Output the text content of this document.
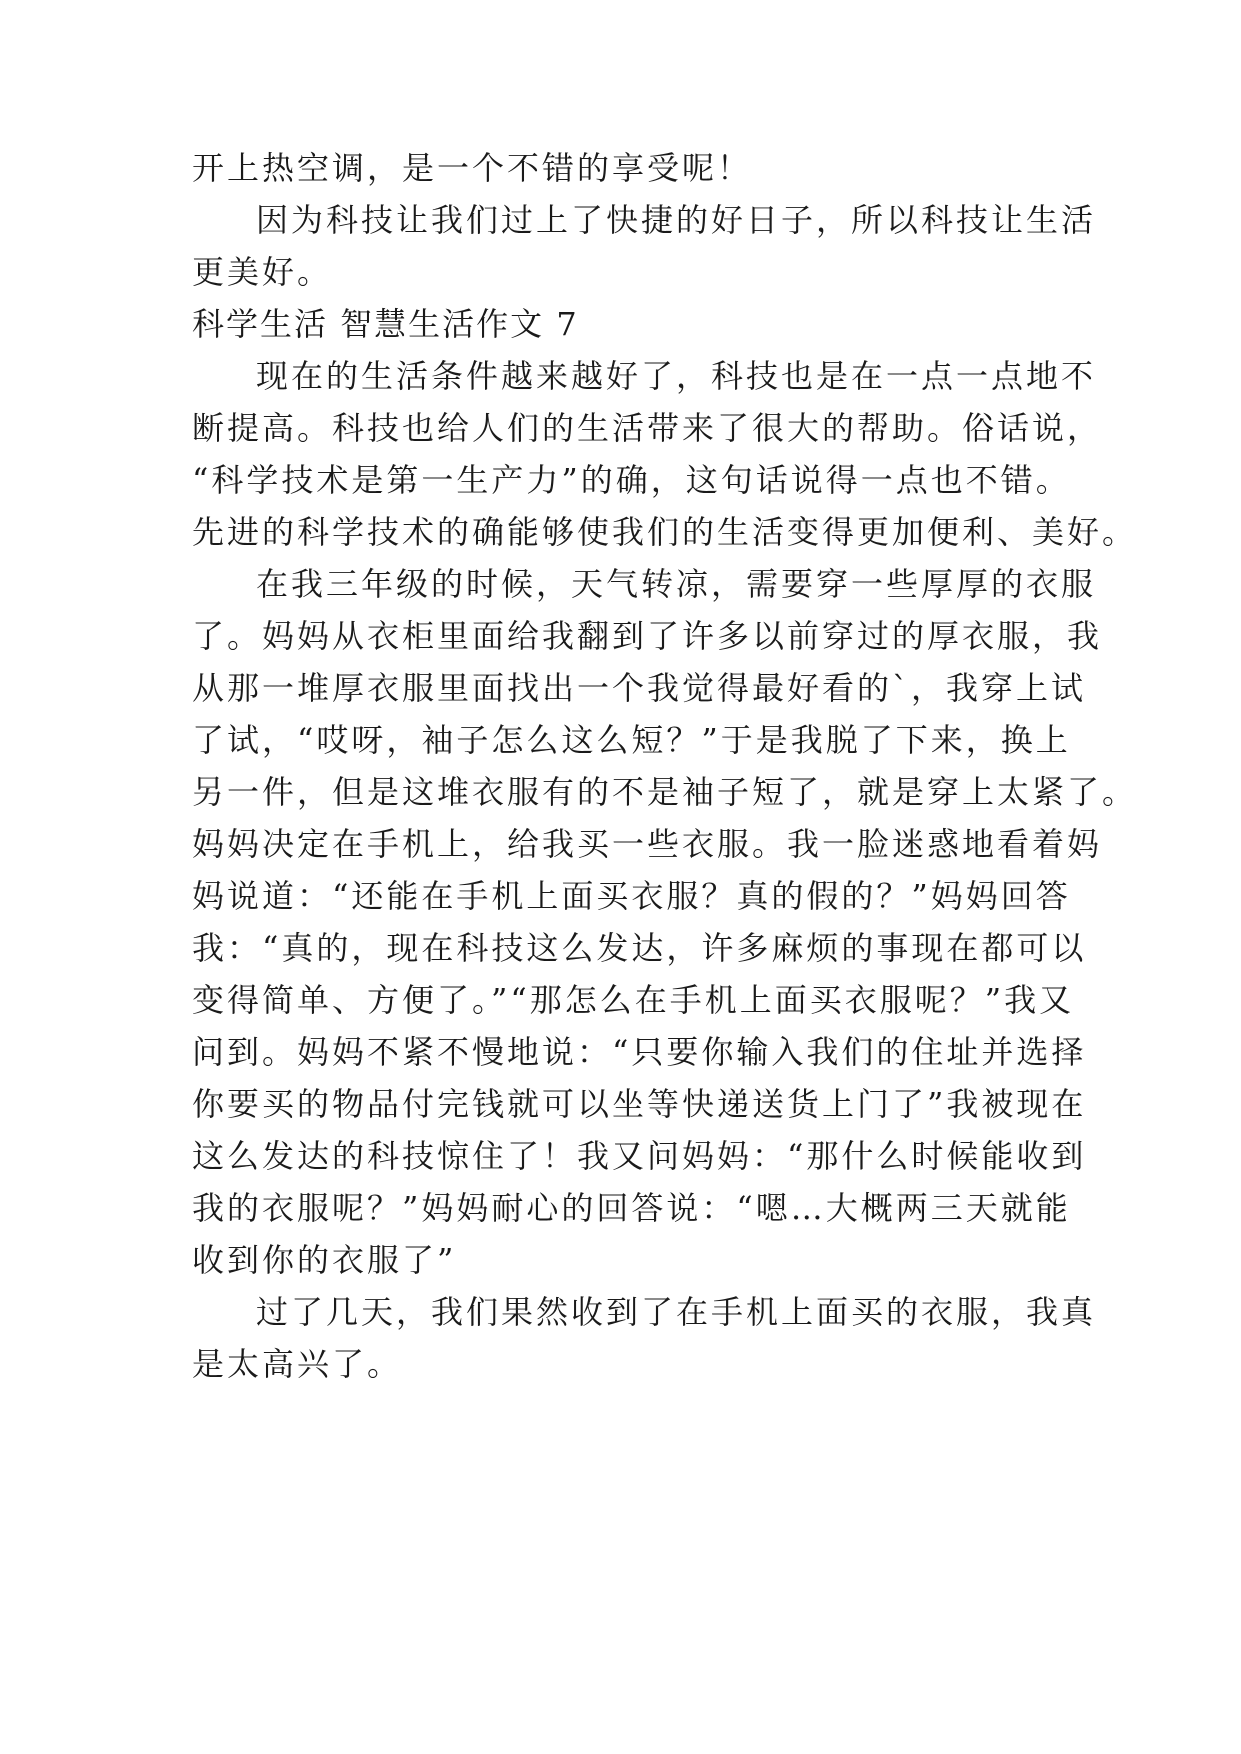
开上热空调，是一个不错的享受呢！
因为科技让我们过上了快捷的好日子，所以科技让生活
更美好。
科学生活 智慧生活作文 7
现在的生活条件越来越好了，科技也是在一点一点地不
断提高。科技也给人们的生活带来了很大的帮助。俗话说，
“科学技术是第一生产力”的确，这句话说得一点也不错。
先进的科学技术的确能够使我们的生活变得更加便利、美好。
在我三年级的时候，天气转凉，需要穿一些厚厚的衣服
了。妈妈从衣柜里面给我翻到了许多以前穿过的厚衣服，我
从那一堆厚衣服里面找出一个我觉得最好看的`，我穿上试
了试，“哎呀，袖子怎么这么短？”于是我脱了下来，换上
另一件，但是这堆衣服有的不是袖子短了，就是穿上太紧了。
妈妈决定在手机上，给我买一些衣服。我一脸迷惑地看着妈
妈说道：“还能在手机上面买衣服？真的假的？”妈妈回答
我：“真的，现在科技这么发达，许多麻烦的事现在都可以
变得简单、方便了。”“那怎么在手机上面买衣服呢？”我又
问到。妈妈不紧不慢地说：“只要你输入我们的住址并选择
你要买的物品付完钱就可以坐等快递送货上门了”我被现在
这么发达的科技惊住了！我又问妈妈：“那什么时候能收到
我的衣服呢？”妈妈耐心的回答说：“嗯…大概两三天就能
收到你的衣服了”
过了几天，我们果然收到了在手机上面买的衣服，我真
是太高兴了。
